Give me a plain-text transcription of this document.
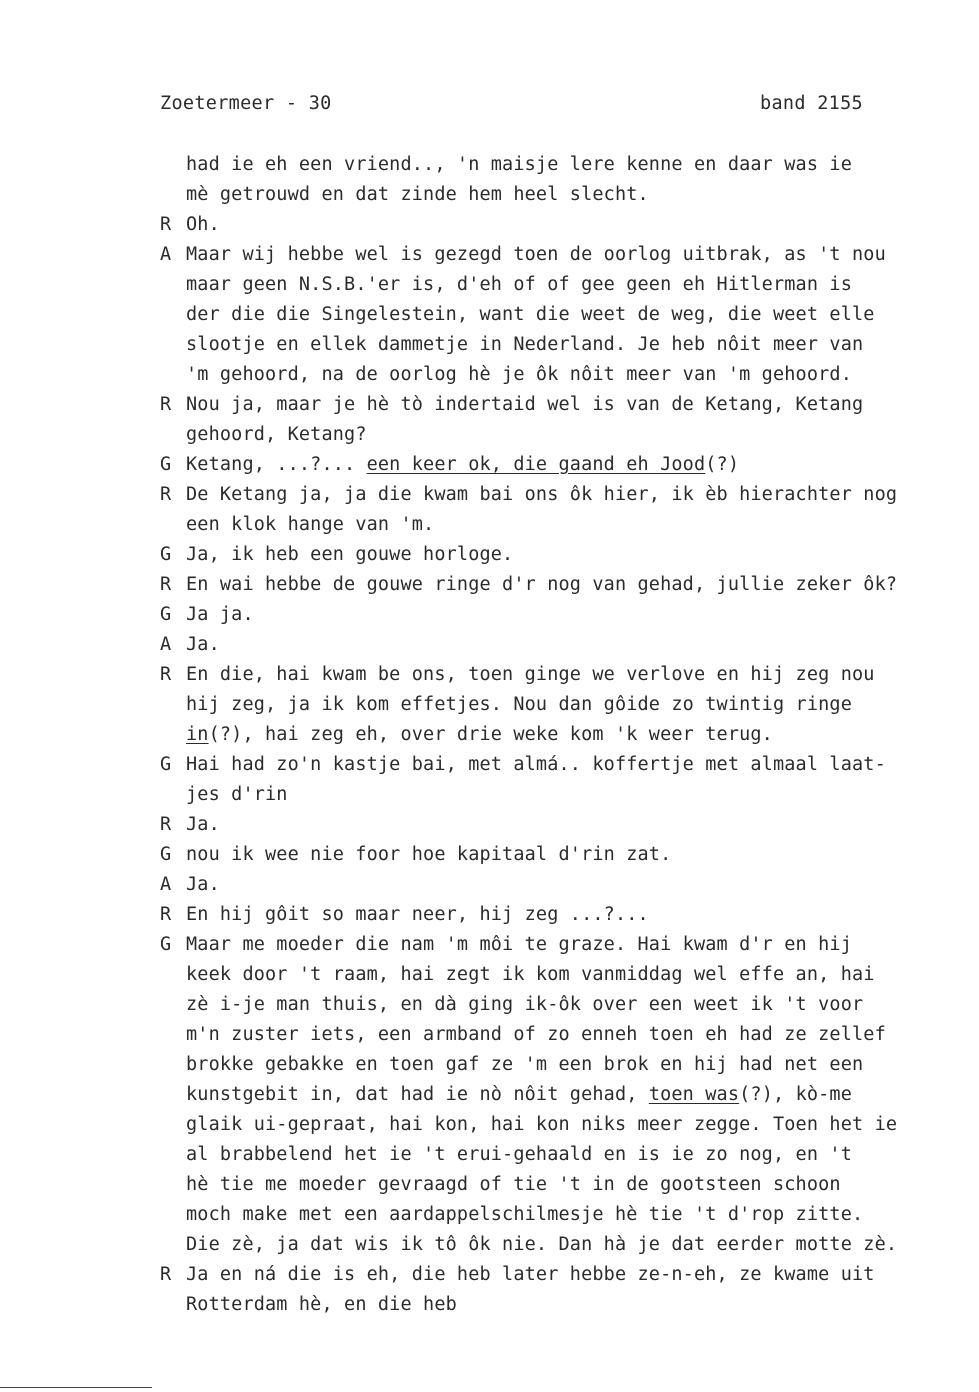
Zoetermeer - 30	band 2155
had ie eh een vriend.., 'n maisje lere kenne en daar was ie
mè getrouwd en dat zinde hem heel slecht.
R Oh.
A Maar wij hebbe wel is gezegd toen de oorlog uitbrak, as 't nou
maar geen N.S.B.'er is, d'eh of of gee geen eh Hitlerman is
der die die Singelestein, want die weet de weg, die weet elle
slootje en ellek dammetje in Nederland. Je heb nôit meer van
'm gehoord, na de oorlog hè je ôk nôit meer van 'm gehoord.
R Nou ja, maar je hè tò indertaid wel is van de Ketang, Ketang
gehoord, Ketang?
G Ketang, ...?... een keer ok, die gaand eh Jood(?)
R De Ketang ja, ja die kwam bai ons ôk hier, ik èb hierachter nog
een klok hange van 'm.
G Ja, ik heb een gouwe horloge.
R En wai hebbe de gouwe ringe d'r nog van gehad, jullie zeker ôk?
G Ja ja.
A Ja.
R En die, hai kwam be ons, toen ginge we verlove en hij zeg nou
hij zeg, ja ik kom effetjes. Nou dan gôide zo twintig ringe
in(?), hai zeg eh, over drie weke kom 'k weer terug.
G Hai had zo'n kastje bai, met almá.. koffertje met almaal laat-
jes d'rin
R Ja.
G nou ik wee nie foor hoe kapitaal d'rin zat.
A Ja.
R En hij gôit so maar neer, hij zeg ...?...
G Maar me moeder die nam 'm môi te graze. Hai kwam d'r en hij
keek door 't raam, hai zegt ik kom vanmiddag wel effe an, hai
zè i-je man thuis, en dà ging ik-ôk over een weet ik 't voor
m'n zuster iets, een armband of zo enneh toen eh had ze zellef
brokke gebakke en toen gaf ze 'm een brok en hij had net een
kunstgebit in, dat had ie nò nôit gehad, toen was(?), kò-me
glaik ui-gepraat, hai kon, hai kon niks meer zegge. Toen het ie
al brabbelend het ie 't erui-gehaald en is ie zo nog, en 't
hè tie me moeder gevraagd of tie 't in de gootsteen schoon
moch make met een aardappelschilmesje hè tie 't d'rop zitte.
Die zè, ja dat wis ik tô ôk nie. Dan hà je dat eerder motte zè.
R Ja en ná die is eh, die heb later hebbe ze-n-eh, ze kwame uit
Rotterdam hè, en die heb
